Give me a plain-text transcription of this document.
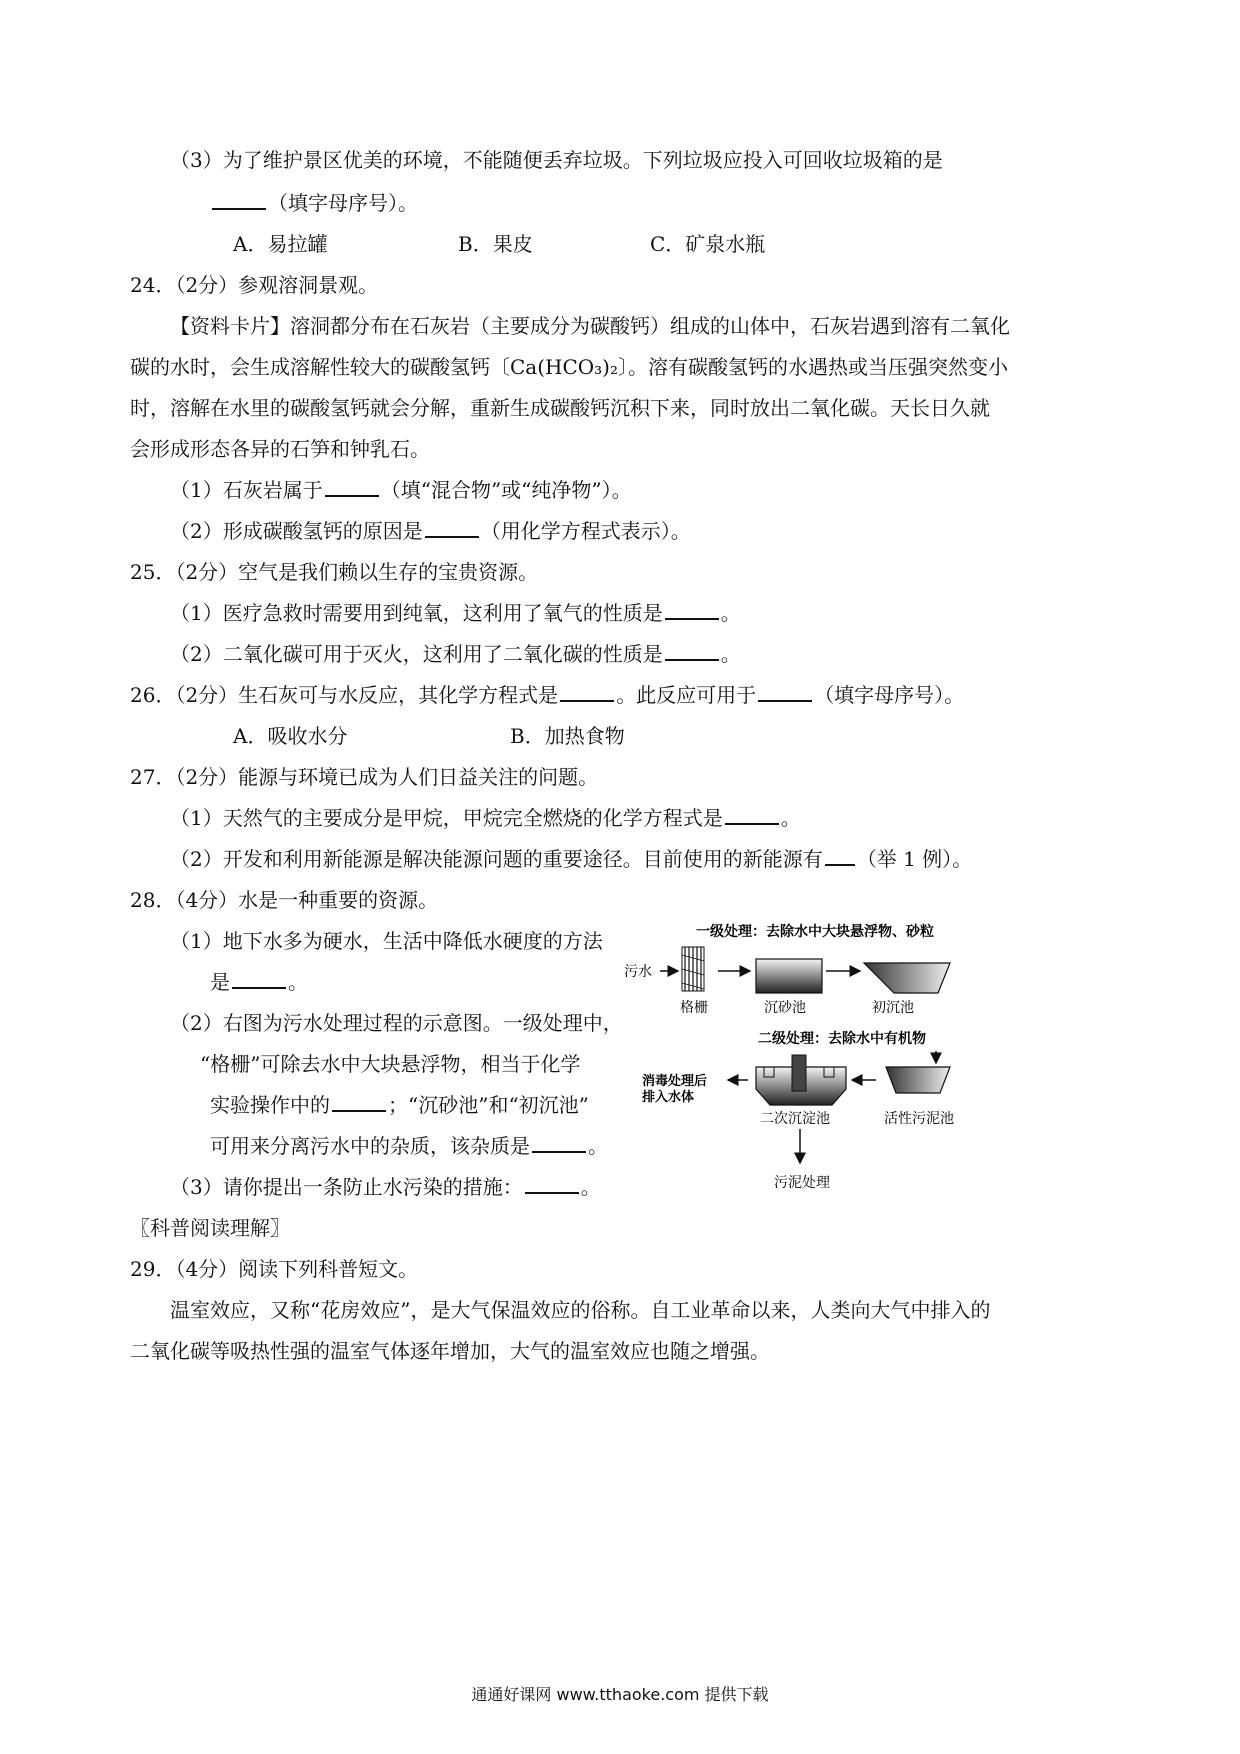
（3）为了维护景区优美的环境，不能随便丢弃垃圾。下列垃圾应投入可回收垃圾箱的是
（填字母序号）。
A．易拉罐	B．果皮	C．矿泉水瓶
24．（2分）参观溶洞景观。
【资料卡片】溶洞都分布在石灰岩（主要成分为碳酸钙）组成的山体中，石灰岩遇到溶有二氧化
碳的水时，会生成溶解性较大的碳酸氢钙〔Ca(HCO₃)₂〕。溶有碳酸氢钙的水遇热或当压强突然变小
时，溶解在水里的碳酸氢钙就会分解，重新生成碳酸钙沉积下来，同时放出二氧化碳。天长日久就
会形成形态各异的石笋和钟乳石。
（1）石灰岩属于	（填“混合物”或“纯净物”）。
（2）形成碳酸氢钙的原因是	（用化学方程式表示）。
25．（2分）空气是我们赖以生存的宝贵资源。
（1）医疗急救时需要用到纯氧，这利用了氧气的性质是	。
（2）二氧化碳可用于灭火，这利用了二氧化碳的性质是	。
26．（2分）生石灰可与水反应，其化学方程式是	。此反应可用于	（填字母序号）。
A．吸收水分	B．加热食物
27．（2分）能源与环境已成为人们日益关注的问题。
（1）天然气的主要成分是甲烷，甲烷完全燃烧的化学方程式是	。
（2）开发和利用新能源是解决能源问题的重要途径。目前使用的新能源有 （举 1 例）。
28．（4分）水是一种重要的资源。
（1）地下水多为硬水，生活中降低水硬度的方法
是	。
（2）右图为污水处理过程的示意图。一级处理中，
“格栅”可除去水中大块悬浮物，相当于化学
实验操作中的	；“沉砂池”和“初沉池”
可用来分离污水中的杂质，该杂质是	。
（3）请你提出一条防止水污染的措施：	。
一级处理：去除水中大块悬浮物、砂粒
污水
格栅	沉砂池	初沉池
二级处理：去除水中有机物
消毒处理后
排入水体
二次沉淀池	活性污泥池
污泥处理
〖科普阅读理解〗
29．（4分）阅读下列科普短文。
温室效应，又称“花房效应”，是大气保温效应的俗称。自工业革命以来，人类向大气中排入的
二氧化碳等吸热性强的温室气体逐年增加，大气的温室效应也随之增强。
通通好课网 www.tthaoke.com 提供下载
